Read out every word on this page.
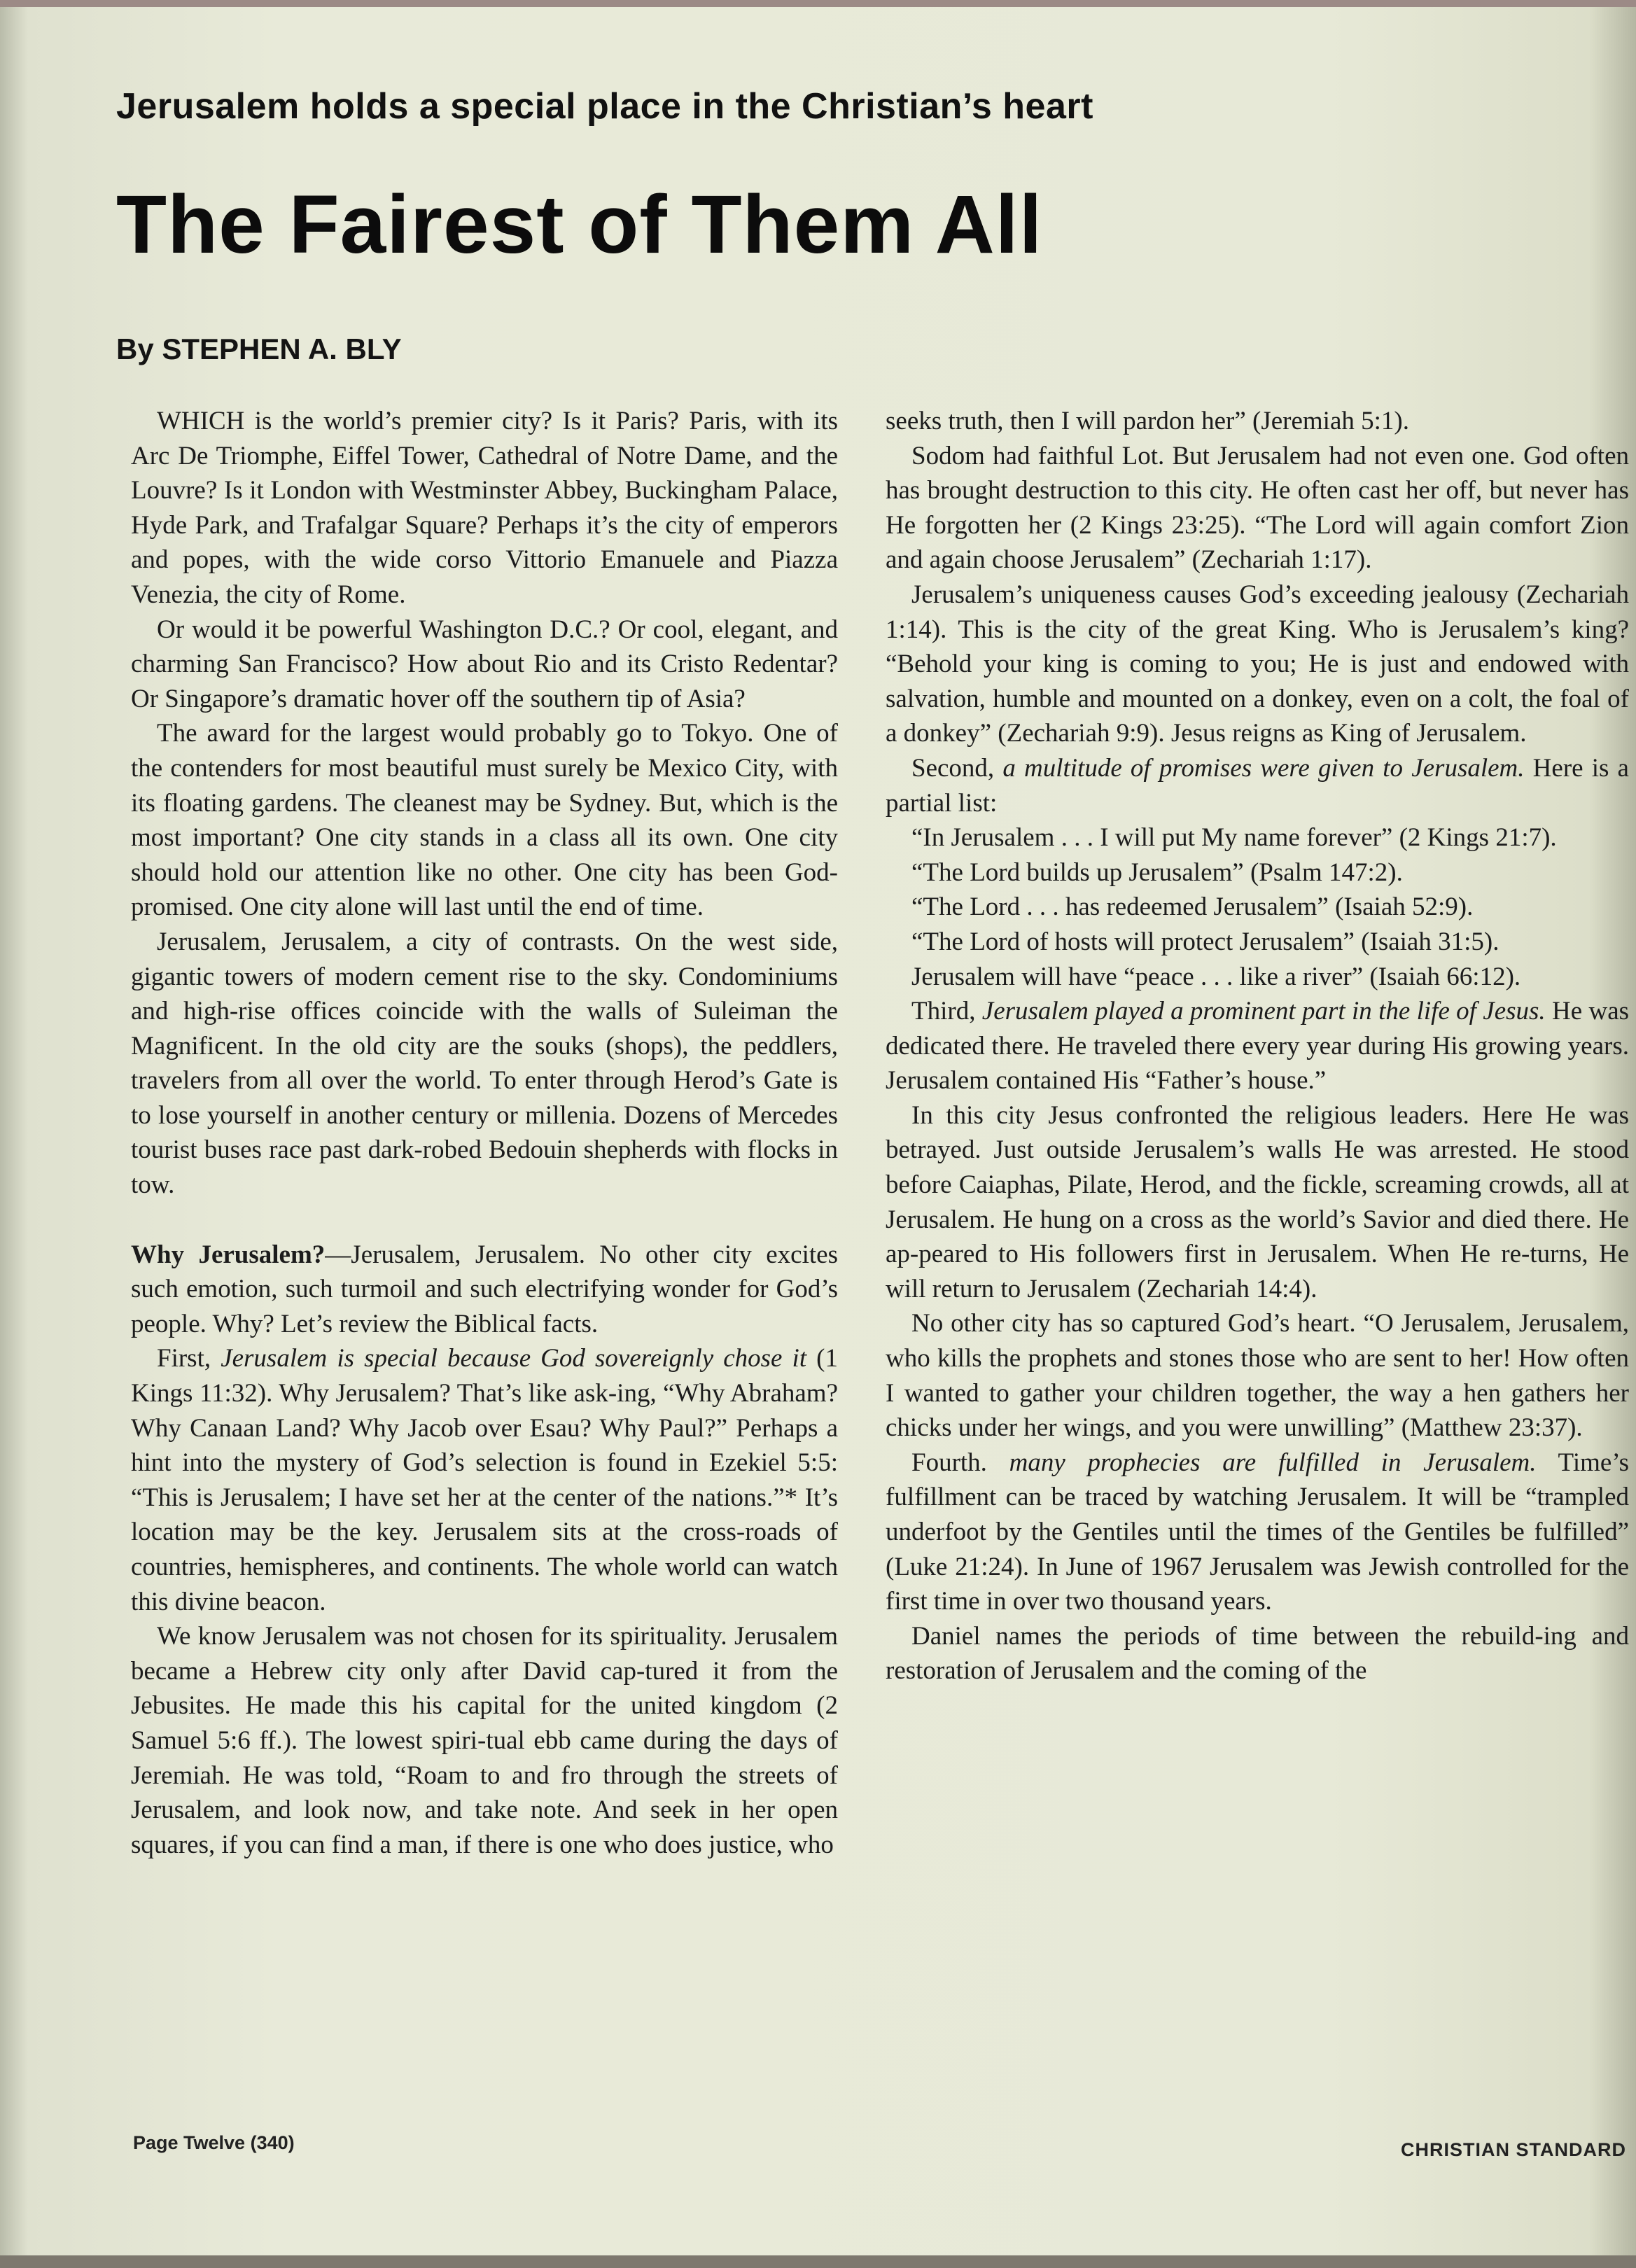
Jerusalem holds a special place in the Christian’s heart
The Fairest of Them All
By STEPHEN A. BLY

WHICH is the world’s premier city? Is it Paris? Paris, with its Arc De Triomphe, Eiffel Tower, Cathedral of Notre Dame, and the Louvre? Is it London with Westminster Abbey, Buckingham Palace, Hyde Park, and Trafalgar Square? Perhaps it’s the city of emperors and popes, with the wide corso Vittorio Emanuele and Piazza Venezia, the city of Rome.

Or would it be powerful Washington D.C.? Or cool, elegant, and charming San Francisco? How about Rio and its Cristo Redentar? Or Singapore’s dramatic hover off the southern tip of Asia?

The award for the largest would probably go to Tokyo. One of the contenders for most beautiful must surely be Mexico City, with its floating gardens. The cleanest may be Sydney. But, which is the most important? One city stands in a class all its own. One city should hold our attention like no other. One city has been God-promised. One city alone will last until the end of time.

Jerusalem, Jerusalem, a city of contrasts. On the west side, gigantic towers of modern cement rise to the sky. Condominiums and high-rise offices coincide with the walls of Suleiman the Magnificent. In the old city are the souks (shops), the peddlers, travelers from all over the world. To enter through Herod’s Gate is to lose yourself in another century or millenia. Dozens of Mercedes tourist buses race past dark-robed Bedouin shepherds with flocks in tow.

Why Jerusalem?—Jerusalem, Jerusalem. No other city excites such emotion, such turmoil and such electrifying wonder for God’s people. Why? Let’s review the Biblical facts.

First, Jerusalem is special because God sovereignly chose it (1 Kings 11:32). Why Jerusalem? That’s like ask-ing, “Why Abraham? Why Canaan Land? Why Jacob over Esau? Why Paul?” Perhaps a hint into the mystery of God’s selection is found in Ezekiel 5:5: “This is Jerusalem; I have set her at the center of the nations.”* It’s location may be the key. Jerusalem sits at the cross-roads of countries, hemispheres, and continents. The whole world can watch this divine beacon.

We know Jerusalem was not chosen for its spirituality. Jerusalem became a Hebrew city only after David cap-tured it from the Jebusites. He made this his capital for the united kingdom (2 Samuel 5:6 ff.). The lowest spiri-tual ebb came during the days of Jeremiah. He was told, “Roam to and fro through the streets of Jerusalem, and look now, and take note. And seek in her open squares, if you can find a man, if there is one who does justice, who

seeks truth, then I will pardon her” (Jeremiah 5:1).

Sodom had faithful Lot. But Jerusalem had not even one. God often has brought destruction to this city. He often cast her off, but never has He forgotten her (2 Kings 23:25). “The Lord will again comfort Zion and again choose Jerusalem” (Zechariah 1:17).

Jerusalem’s uniqueness causes God’s exceeding jealousy (Zechariah 1:14). This is the city of the great King. Who is Jerusalem’s king? “Behold your king is coming to you; He is just and endowed with salvation, humble and mounted on a donkey, even on a colt, the foal of a donkey” (Zechariah 9:9). Jesus reigns as King of Jerusalem.

Second, a multitude of promises were given to Jerusalem. Here is a partial list:

“In Jerusalem . . . I will put My name forever” (2 Kings 21:7).

“The Lord builds up Jerusalem” (Psalm 147:2).

“The Lord . . . has redeemed Jerusalem” (Isaiah 52:9).

“The Lord of hosts will protect Jerusalem” (Isaiah 31:5).

Jerusalem will have “peace . . . like a river” (Isaiah 66:12).

Third, Jerusalem played a prominent part in the life of Jesus. He was dedicated there. He traveled there every year during His growing years. Jerusalem contained His “Father’s house.”

In this city Jesus confronted the religious leaders. Here He was betrayed. Just outside Jerusalem’s walls He was arrested. He stood before Caiaphas, Pilate, Herod, and the fickle, screaming crowds, all at Jerusalem. He hung on a cross as the world’s Savior and died there. He ap-peared to His followers first in Jerusalem. When He re-turns, He will return to Jerusalem (Zechariah 14:4).

No other city has so captured God’s heart. “O Jerusalem, Jerusalem, who kills the prophets and stones those who are sent to her! How often I wanted to gather your children together, the way a hen gathers her chicks under her wings, and you were unwilling” (Matthew 23:37).

Fourth. many prophecies are fulfilled in Jerusalem. Time’s fulfillment can be traced by watching Jerusalem. It will be “trampled underfoot by the Gentiles until the times of the Gentiles be fulfilled” (Luke 21:24). In June of 1967 Jerusalem was Jewish controlled for the first time in over two thousand years.

Daniel names the periods of time between the rebuild-ing and restoration of Jerusalem and the coming of the

Page Twelve (340)	CHRISTIAN STANDARD
